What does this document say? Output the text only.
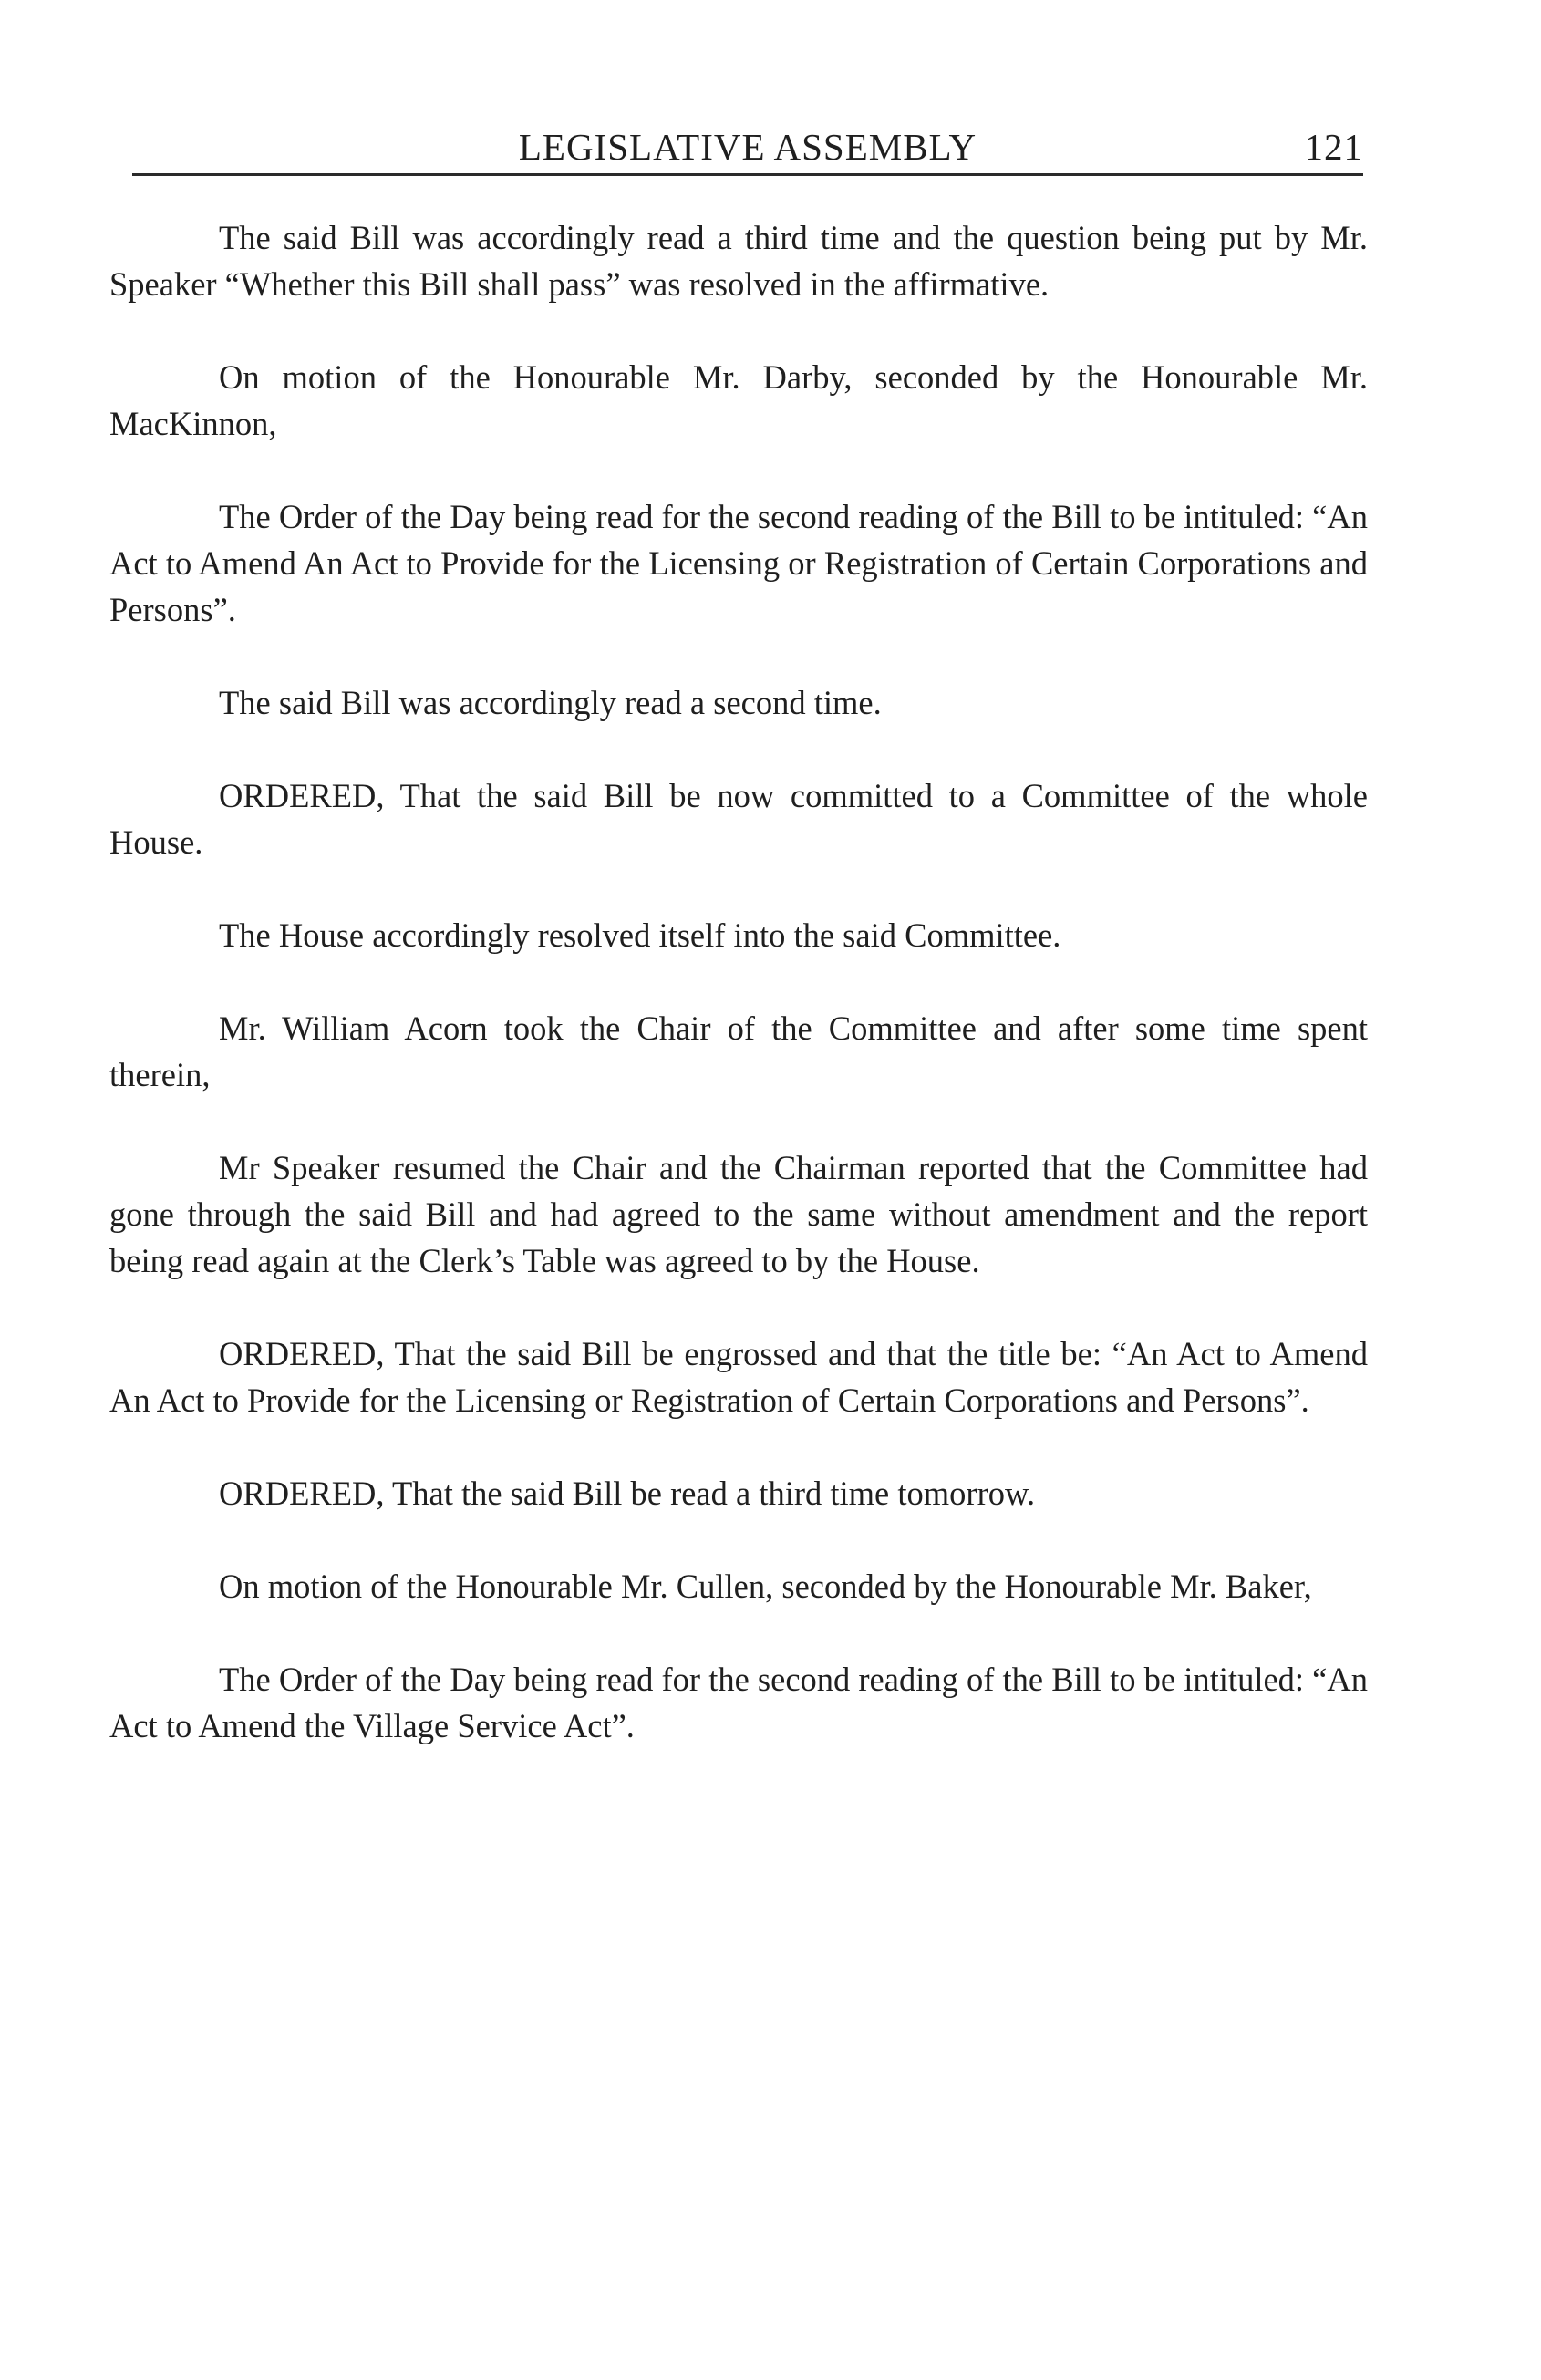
LEGISLATIVE ASSEMBLY	121

The said Bill was accordingly read a third time and the question being put by Mr. Speaker “Whether this Bill shall pass” was resolved in the affirmative.

On motion of the Honourable Mr. Darby, seconded by the Honourable Mr. MacKinnon,

The Order of the Day being read for the second reading of the Bill to be intituled: “An Act to Amend An Act to Provide for the Licensing or Registration of Certain Corporations and Persons”.

The said Bill was accordingly read a second time.

ORDERED, That the said Bill be now committed to a Committee of the whole House.

The House accordingly resolved itself into the said Committee.

Mr. William Acorn took the Chair of the Committee and after some time spent therein,

Mr Speaker resumed the Chair and the Chairman reported that the Committee had gone through the said Bill and had agreed to the same without amendment and the report being read again at the Clerk’s Table was agreed to by the House.

ORDERED, That the said Bill be engrossed and that the title be: “An Act to Amend An Act to Provide for the Licensing or Registration of Certain Corporations and Persons”.

ORDERED, That the said Bill be read a third time tomorrow.

On motion of the Honourable Mr. Cullen, seconded by the Honourable Mr. Baker,

The Order of the Day being read for the second reading of the Bill to be intituled: “An Act to Amend the Village Service Act”.
